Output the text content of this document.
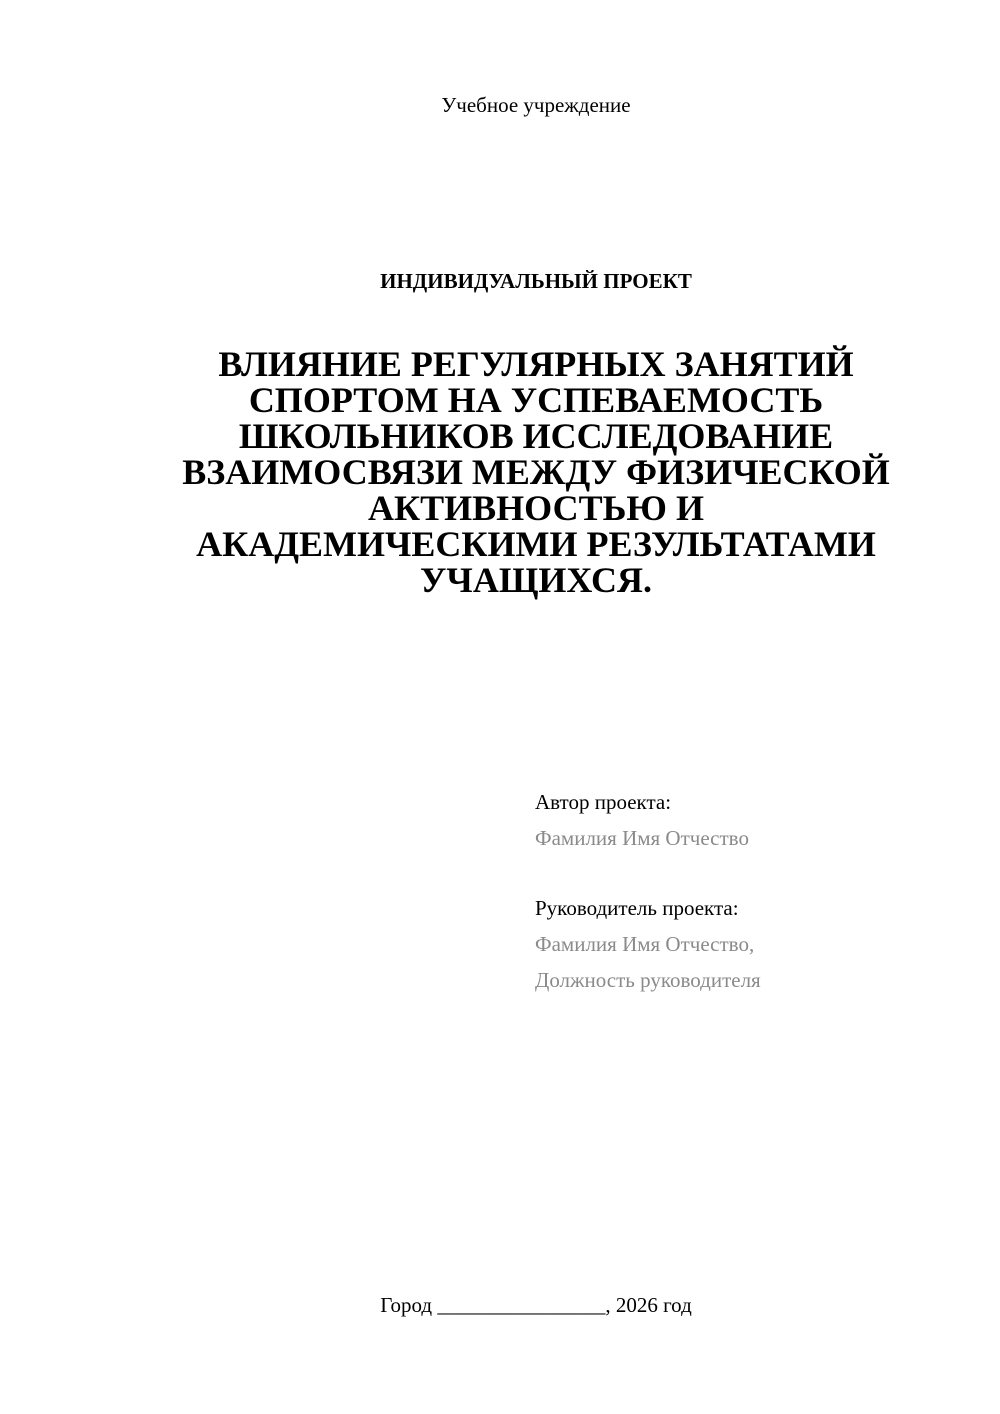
Учебное учреждение
ИНДИВИДУАЛЬНЫЙ ПРОЕКТ
ВЛИЯНИЕ РЕГУЛЯРНЫХ ЗАНЯТИЙ
СПОРТОМ НА УСПЕВАЕМОСТЬ
ШКОЛЬНИКОВ ИССЛЕДОВАНИЕ
ВЗАИМОСВЯЗИ МЕЖДУ ФИЗИЧЕСКОЙ
АКТИВНОСТЬЮ И
АКАДЕМИЧЕСКИМИ РЕЗУЛЬТАТАМИ
УЧАЩИХСЯ.
Автор проекта:
Фамилия Имя Отчество
Руководитель проекта:
Фамилия Имя Отчество,
Должность руководителя
Город ________________, 2026 год
